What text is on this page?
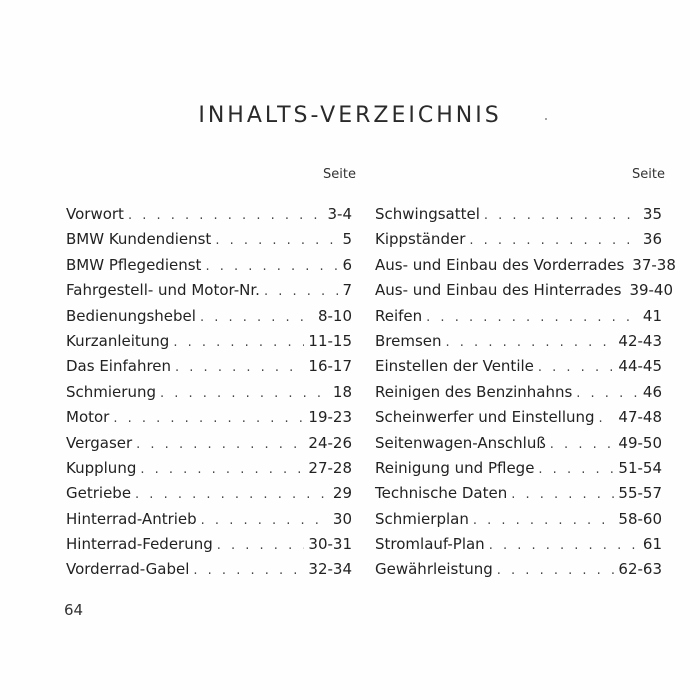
INHALTS-VERZEICHNIS
Seite	Seite
Vorwort . . .	3-4
BMW Kundendienst . . .	5
BMW Pflegedienst . . .	6
Fahrgestell- und Motor-Nr. . . .	7
Bedienungshebel . . .	8-10
Kurzanleitung . . .	11-15
Das Einfahren . . .	16-17
Schmierung . . .	18
Motor . . .	19-23
Vergaser . . .	24-26
Kupplung . . .	27-28
Getriebe . . .	29
Hinterrad-Antrieb . . .	30
Hinterrad-Federung . . .	30-31
Vorderrad-Gabel . . .	32-34
Schwingsattel . . .	35
Kippständer . . .	36
Aus- und Einbau des Vorderrades 37-38
Aus- und Einbau des Hinterrades 39-40
Reifen . . .	41
Bremsen . . .	42-43
Einstellen der Ventile . . .	44-45
Reinigen des Benzinhahns . . .	46
Scheinwerfer und Einstellung . . . 47-48
Seitenwagen-Anschluß . . .	49-50
Reinigung und Pflege . . .	51-54
Technische Daten . . .	55-57
Schmierplan . . .	58-60
Stromlauf-Plan . . .	61
Gewährleistung . . .	62-63
64
